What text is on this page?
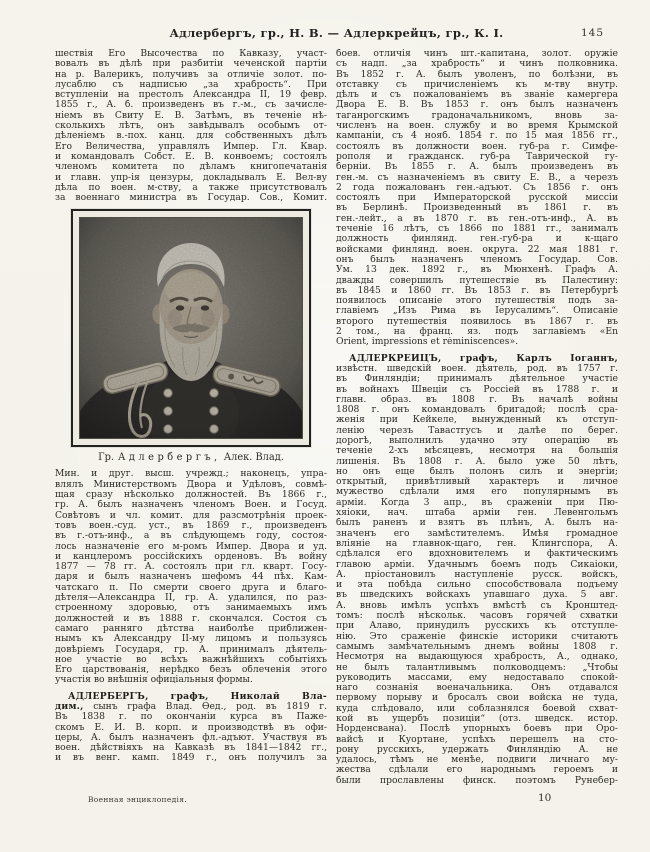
Адлербергъ, гр., Н. В. — Адлеркрейцъ, гр., К. І.	145
шествія Его Высочества по Кавказу, участ-
вовалъ въ дѣлѣ при разбитіи чеченской партіи
на р. Валерикъ, получивъ за отличіе золот. по-
лусаблю съ надписью „за храбрость“. При
вступленіи на престолъ Александра II, 19 февр.
1855 г., А. б. произведенъ въ г.-м., съ зачисле-
ніемъ въ Свиту Е. В. Затѣмъ, въ теченіе нѣ-
сколькихъ лѣтъ, онъ завѣдывалъ особымъ от-
дѣленіемъ в.-пох. канц. для собственныхъ дѣлъ
Его Величества, управлялъ Импер. Гл. Квар.
и командовалъ Собст. Е. В. конвоемъ; состоялъ
членомъ комитета по дѣламъ книгопечатанія
и главн. упр-ія цензуры, докладывалъ Е. Вел-ву
дѣла по воен. м-ству, а также присутствовалъ
за военнаго министра въ Государ. Сов., Комит.
Гр. Адлербергъ, Алек. Влад.
Мин. и друг. высш. учрежд.; наконецъ, упра-
влялъ Министерствомъ Двора и Удѣловъ, совмѣ-
щая сразу нѣсколько должностей. Въ 1866 г.,
гр. А. былъ назначенъ членомъ Воен. и Госуд.
Совѣтовъ и чл. комит. для разсмотрѣнія проек-
товъ воен.-суд. уст., въ 1869 г., произведенъ
въ г.-отъ-инф., а въ слѣдующемъ году, состоя-
лось назначеніе его м-ромъ Импер. Двора и уд.
и канцлеромъ россійскихъ орденовъ. Въ войну
1877 — 78 гг. А. состоялъ при гл. кварт. Госу-
даря и былъ назначенъ шефомъ 44 пѣх. Кам-
чатскаго п. По смерти своего друга и благо-
дѣтеля—Александра II, гр. А. удалился, по раз-
строенному здоровью, отъ занимаемыхъ имъ
должностей и въ 1888 г. скончался. Состоя съ
самаго ранняго дѣтства наиболѣе приближен-
нымъ къ Александру II-му лицомъ и пользуясь
довѣріемъ Государя, гр. А. принималъ дѣятель-
ное участіе во всѣхъ важнѣйшихъ событіяхъ
Его царствованія, нерѣдко безъ облеченія этого
участія во внѣшнія офиціальныя формы.
АДЛЕРБЕРГЪ, графъ, Николай Вла-
дим., сынъ графа Влад. Ѳед., род. въ 1819 г.
Въ 1838 г. по окончаніи курса въ Паже-
скомъ Е. И. В. корп. и производствѣ въ офи-
церы, А. былъ назначенъ фл.-адъют. Участвуя въ
воен. дѣйствіяхъ на Кавказѣ въ 1841—1842 гг.,
и въ венг. камп. 1849 г., онъ получилъ за
боев. отличія чинъ шт.-капитана, золот. оружіе
съ надп. „за храбрость“ и чинъ полковника.
Въ 1852 г. А. былъ уволенъ, по болѣзни, въ
отставку съ причисленіемъ къ м-тву внутр.
дѣлъ и съ пожалованіемъ въ званіе камергера
Двора Е. В. Въ 1853 г. онъ былъ назначенъ
таганрогскимъ градоначальникомъ, вновь за-
численъ на воен. службу и во время Крымской
кампаніи, съ 4 нояб. 1854 г. по 15 мая 1856 гг.,
состоялъ въ должности воен. губ-ра г. Симфе-
рополя и гражданск. губ-ра Таврической гу-
берніи. Въ 1855 г. А. былъ произведенъ въ
ген.-м. съ назначеніемъ въ свиту Е. В., а черезъ
2 года пожалованъ ген.-адъют. Съ 1856 г. онъ
состоялъ при Императорской русской миссіи
въ Берлинѣ. Произведенный въ 1861 г. въ
ген.-лейт., а въ 1870 г. въ ген.-отъ-инф., А. въ
теченіе 16 лѣтъ, съ 1866 по 1881 гг., занималъ
должность финлянд. ген.-губ-ра и к-щаго
войсками финлянд. воен. округа. 22 мая 1881 г.
онъ былъ назначенъ членомъ Государ. Сов.
Ум. 13 дек. 1892 г., въ Мюнхенѣ. Графъ А.
дважды совершилъ путешествіе въ Палестину:
въ 1845 и 1860 гг. Въ 1853 г. въ Петербургѣ
появилось описаніе этого путешествія подъ за-
главіемъ „Изъ Рима въ Іерусалимъ“. Описаніе
второго путешествія появилось въ 1867 г. въ
2 том., на франц. яз. подъ заглавіемъ «En
Orient, impressions et réminiscences».
АДЛЕРКРЕЙЦЪ, графъ, Карлъ Іоганнъ,
извѣстн. шведскій воен. дѣятель, род. въ 1757 г.
въ Финляндіи; принималъ дѣятельное участіе
въ войнахъ Швеціи съ Россіей въ 1788 г. и
главн. образ. въ 1808 г. Въ началѣ войны
1808 г. онъ командовалъ бригадой; послѣ сра-
женія при Кейкеле, вынужденный къ отступ-
ленію черезъ Тавастгусъ и далѣе по берег.
дорогѣ, выполнилъ удачно эту операцію въ
теченіе 2-хъ мѣсяцевъ, несмотря на большія
лишенія. Въ 1808 г. А. было уже 50 лѣтъ,
но онъ еще былъ полонъ силъ и энергіи;
открытый, привѣтливый характеръ и личное
мужество сдѣлали имя его популярнымъ въ
арміи. Когда 3 апр., въ сраженіи при Пю-
хяіоки, нач. штаба арміи ген. Левенгольмъ
былъ раненъ и взятъ въ плѣнъ, А. былъ на-
значенъ его замѣстителемъ. Имѣя громадное
вліяніе на главнок-щаго, ген. Клингспора, А.
сдѣлался его вдохновителемъ и фактическимъ
главою арміи. Удачнымъ боемъ подъ Сикаіоки,
А. пріостановилъ наступленіе русск. войскъ,
и эта побѣда сильно способствовала подъему
въ шведскихъ войскахъ упавшаго духа. 5 авг.
А. вновь имѣлъ успѣхъ вмѣстѣ съ Кронштед-
томъ: послѣ нѣскольк. часовъ горячей схватки
при Алаво, принудилъ русскихъ къ отступле-
нію. Это сраженіе финскіе историки считаютъ
самымъ замѣчательнымъ днемъ войны 1808 г.
Несмотря на выдающуюся храбрость, А., однако,
не былъ талантливымъ полководцемъ: „Чтобы
руководить массами, ему недоставало спокой-
наго сознанія военачальника. Онъ отдавался
первому порыву и бросалъ свои войска не туда,
куда слѣдовало, или соблазнялся боевой схват-
кой въ ущербъ позиціи“ (отз. шведск. истор.
Норденсвана). Послѣ упорныхъ боевъ при Оро-
вайсѣ и Куортане, успѣхъ перешелъ на сто-
рону русскихъ, удержать Финляндію А. не
удалось, тѣмъ не менѣе, подвиги личнаго му-
жества сдѣлали его народнымъ героемъ и
были прославлены финск. поэтомъ Рунебер-
Военная энциклопедія.	10
